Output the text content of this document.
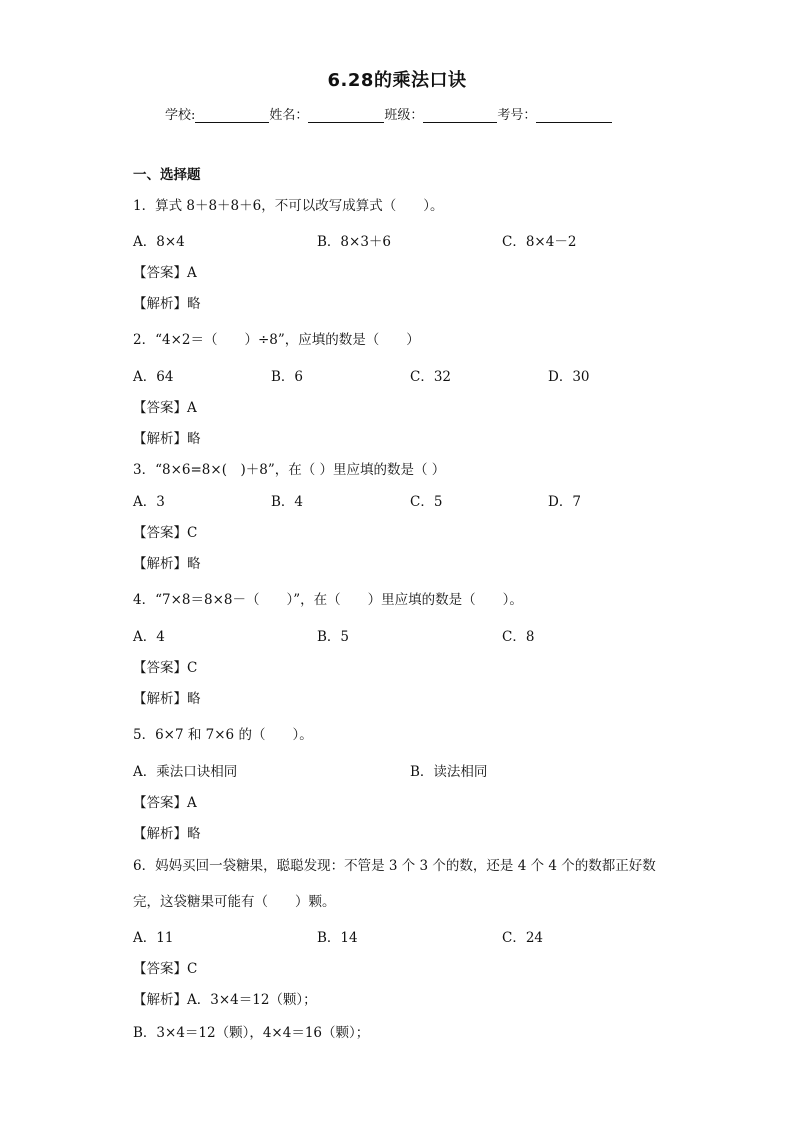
6.28的乘法口诀
学校:	姓名：	班级：	考号：
一、选择题
1．算式 8＋8＋8＋6，不可以改写成算式（　　）。
A．8×4	B．8×3＋6	C．8×4－2
【答案】A
【解析】略
2．“4×2＝（　　）÷8”，应填的数是（　　）
A．64	B．6	C．32	D．30
【答案】A
【解析】略
3．“8×6=8×(　)＋8”，在（ ）里应填的数是（ ）
A．3	B．4	C．5	D．7
【答案】C
【解析】略
4．“7×8＝8×8－（　　）”，在（　　）里应填的数是（　　）。
A．4	B．5	C．8
【答案】C
【解析】略
5．6×7 和 7×6 的（　　）。
A．乘法口诀相同	B．读法相同
【答案】A
【解析】略
6．妈妈买回一袋糖果，聪聪发现：不管是 3 个 3 个的数，还是 4 个 4 个的数都正好数
完，这袋糖果可能有（　　）颗。
A．11	B．14	C．24
【答案】C
【解析】A．3×4＝12（颗）；
B．3×4＝12（颗），4×4＝16（颗）；
